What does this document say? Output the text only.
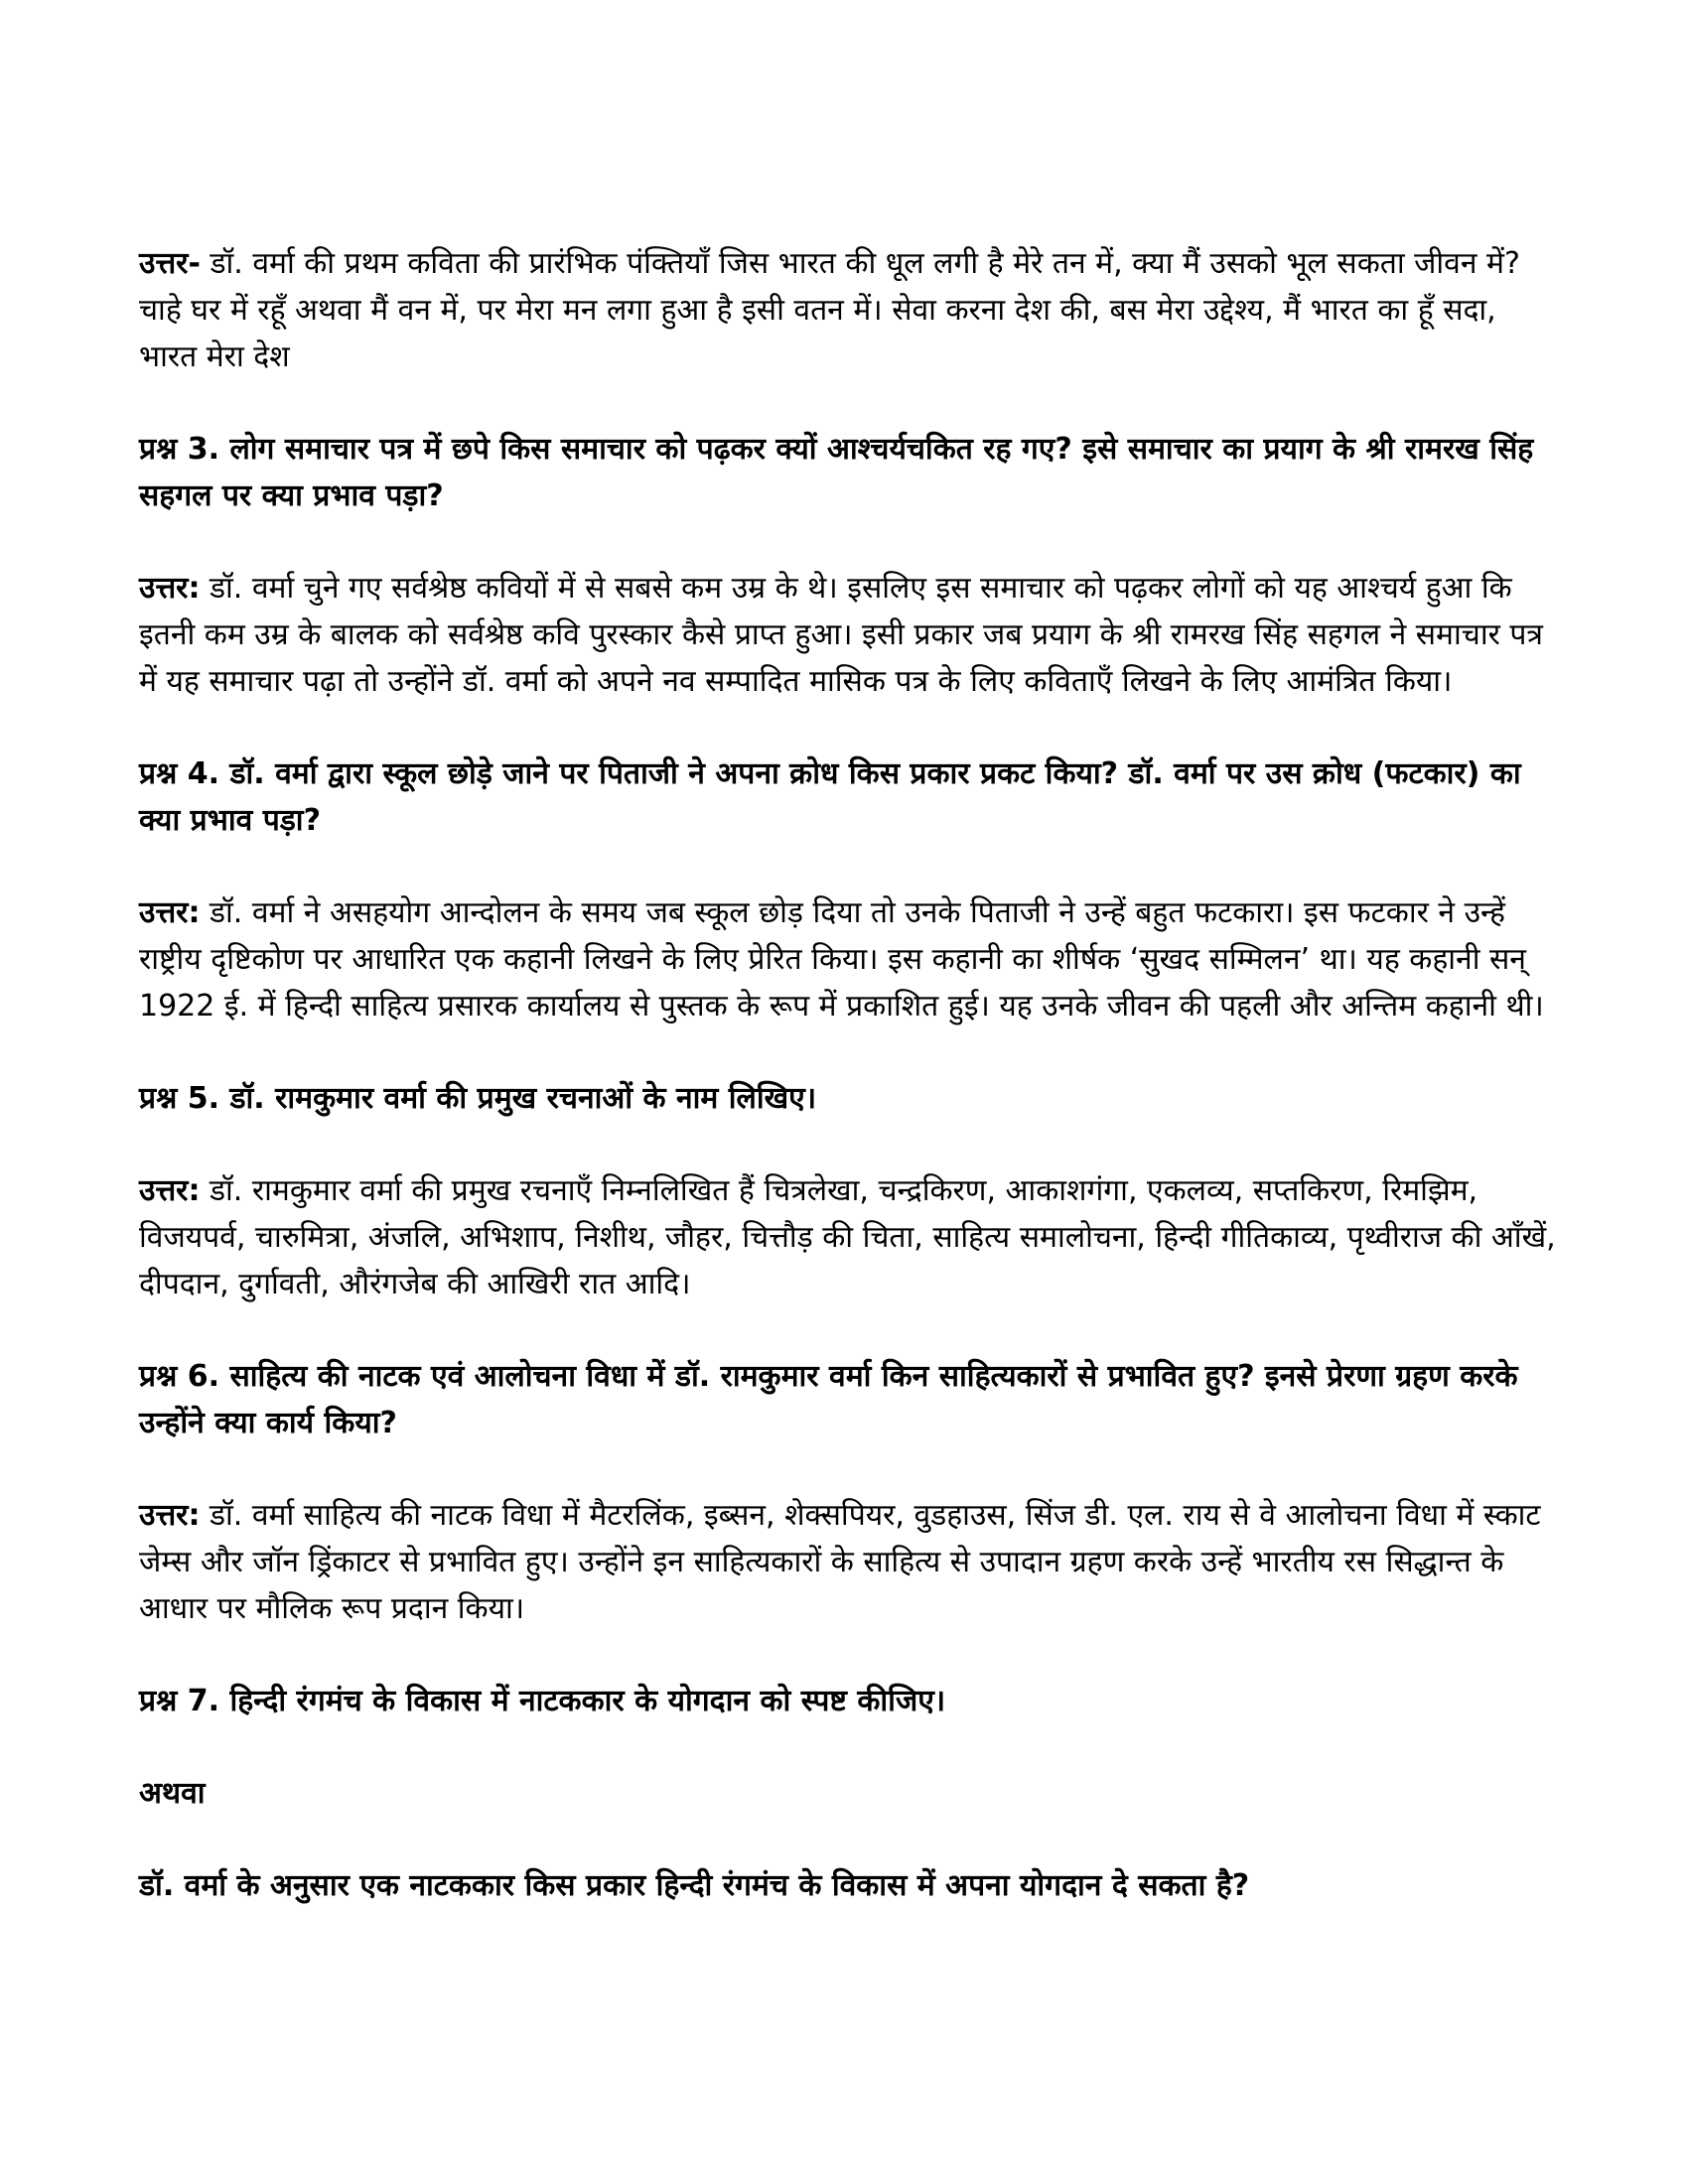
उत्तर- डॉ. वर्मा की प्रथम कविता की प्रारंभिक पंक्तियाँ जिस भारत की धूल लगी है मेरे तन में, क्या मैं उसको भूल सकता जीवन में? चाहे घर में रहूँ अथवा मैं वन में, पर मेरा मन लगा हुआ है इसी वतन में। सेवा करना देश की, बस मेरा उद्देश्य, मैं भारत का हूँ सदा, भारत मेरा देश

प्रश्न 3. लोग समाचार पत्र में छपे किस समाचार को पढ़कर क्यों आश्चर्यचकित रह गए? इसे समाचार का प्रयाग के श्री रामरख सिंह सहगल पर क्या प्रभाव पड़ा?

उत्तर: डॉ. वर्मा चुने गए सर्वश्रेष्ठ कवियों में से सबसे कम उम्र के थे। इसलिए इस समाचार को पढ़कर लोगों को यह आश्चर्य हुआ कि इतनी कम उम्र के बालक को सर्वश्रेष्ठ कवि पुरस्कार कैसे प्राप्त हुआ। इसी प्रकार जब प्रयाग के श्री रामरख सिंह सहगल ने समाचार पत्र में यह समाचार पढ़ा तो उन्होंने डॉ. वर्मा को अपने नव सम्पादित मासिक पत्र के लिए कविताएँ लिखने के लिए आमंत्रित किया।

प्रश्न 4. डॉ. वर्मा द्वारा स्कूल छोड़े जाने पर पिताजी ने अपना क्रोध किस प्रकार प्रकट किया? डॉ. वर्मा पर उस क्रोध (फटकार) का क्या प्रभाव पड़ा?

उत्तर: डॉ. वर्मा ने असहयोग आन्दोलन के समय जब स्कूल छोड़ दिया तो उनके पिताजी ने उन्हें बहुत फटकारा। इस फटकार ने उन्हें राष्ट्रीय दृष्टिकोण पर आधारित एक कहानी लिखने के लिए प्रेरित किया। इस कहानी का शीर्षक ‘सुखद सम्मिलन’ था। यह कहानी सन् 1922 ई. में हिन्दी साहित्य प्रसारक कार्यालय से पुस्तक के रूप में प्रकाशित हुई। यह उनके जीवन की पहली और अन्तिम कहानी थी।

प्रश्न 5. डॉ. रामकुमार वर्मा की प्रमुख रचनाओं के नाम लिखिए।

उत्तर: डॉ. रामकुमार वर्मा की प्रमुख रचनाएँ निम्नलिखित हैं चित्रलेखा, चन्द्रकिरण, आकाशगंगा, एकलव्य, सप्तकिरण, रिमझिम, विजयपर्व, चारुमित्रा, अंजलि, अभिशाप, निशीथ, जौहर, चित्तौड़ की चिता, साहित्य समालोचना, हिन्दी गीतिकाव्य, पृथ्वीराज की आँखें, दीपदान, दुर्गावती, औरंगजेब की आखिरी रात आदि।

प्रश्न 6. साहित्य की नाटक एवं आलोचना विधा में डॉ. रामकुमार वर्मा किन साहित्यकारों से प्रभावित हुए? इनसे प्रेरणा ग्रहण करके उन्होंने क्या कार्य किया?

उत्तर: डॉ. वर्मा साहित्य की नाटक विधा में मैटरलिंक, इब्सन, शेक्सपियर, वुडहाउस, सिंज डी. एल. राय से वे आलोचना विधा में स्काट जेम्स और जॉन ड्रिंकाटर से प्रभावित हुए। उन्होंने इन साहित्यकारों के साहित्य से उपादान ग्रहण करके उन्हें भारतीय रस सिद्धान्त के आधार पर मौलिक रूप प्रदान किया।

प्रश्न 7. हिन्दी रंगमंच के विकास में नाटककार के योगदान को स्पष्ट कीजिए।

अथवा

डॉ. वर्मा के अनुसार एक नाटककार किस प्रकार हिन्दी रंगमंच के विकास में अपना योगदान दे सकता है?
